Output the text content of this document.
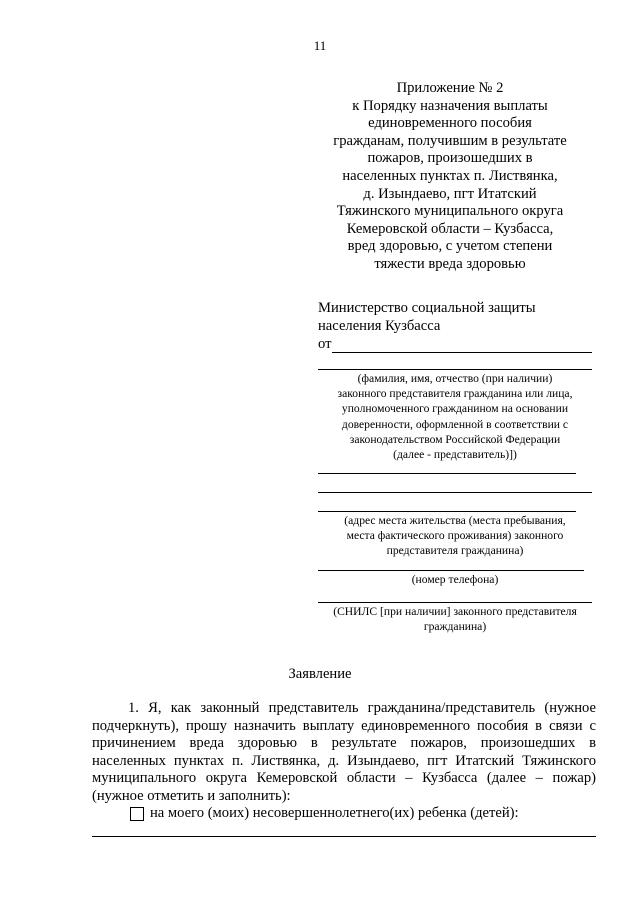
11
Приложение № 2
к Порядку назначения выплаты
единовременного пособия
гражданам, получившим в результате
пожаров, произошедших в
населенных пунктах п. Листвянка,
д. Изындаево, пгт Итатский
Тяжинского муниципального округа
Кемеровской области – Кузбасса,
вред здоровью, с учетом степени
тяжести вреда здоровью
Министерство социальной защиты
населения Кузбасса
от
(фамилия, имя, отчество (при наличии)
законного представителя гражданина или лица,
уполномоченного гражданином на основании
доверенности, оформленной в соответствии с
законодательством Российской Федерации
(далее - представитель)])
(адрес места жительства (места пребывания,
места фактического проживания) законного
представителя гражданина)
(номер телефона)
(СНИЛС [при наличии] законного представителя
гражданина)
Заявление
1. Я, как законный представитель гражданина/представитель (нужное
подчеркнуть), прошу назначить выплату единовременного пособия в связи с
причинением вреда здоровью в результате пожаров, произошедших в
населенных пунктах п. Листвянка, д. Изындаево, пгт Итатский Тяжинского
муниципального округа Кемеровской области – Кузбасса (далее – пожар)
(нужное отметить и заполнить):
на моего (моих) несовершеннолетнего(их) ребенка (детей):
